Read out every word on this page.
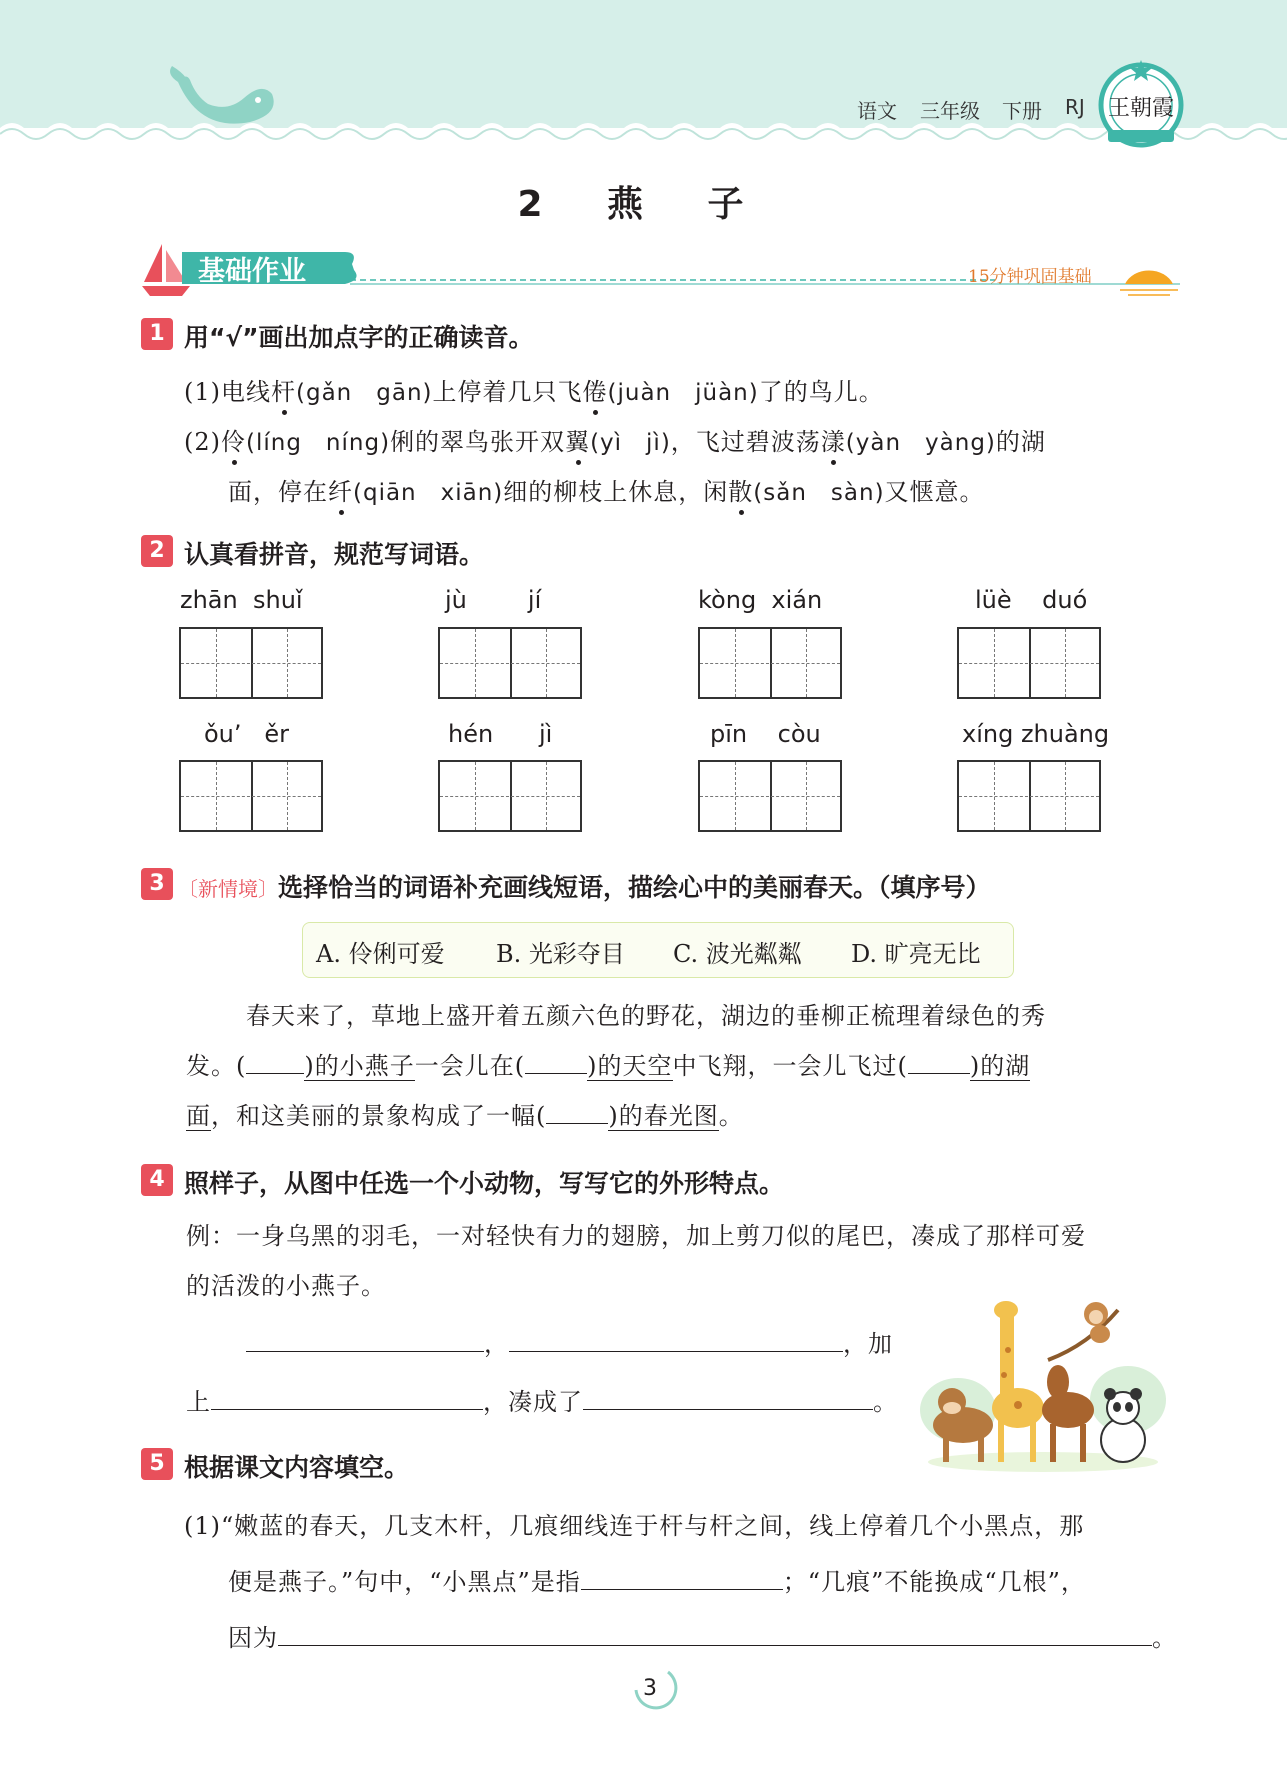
语文 三年级 下册 RJ 王朝霞
2 燕 子
基础作业	15分钟巩固基础
1 用“√”画出加点字的正确读音。
(1)电线杆(gǎn　gān)上停着几只飞倦(juàn　jüàn)了的鸟儿。
(2)伶(líng　níng)俐的翠鸟张开双翼(yì　jì)，飞过碧波荡漾(yàn　yàng)的湖
面，停在纤(qiān　xiān)细的柳枝上休息，闲散(sǎn　sàn)又惬意。
2 认真看拼音，规范写词语。
zhān  shuǐ	jù        jí	kòng  xián	lüè    duó
ǒu’   ěr	hén      jì	pīn    còu	xíng zhuàng
3 〔新情境〕选择恰当的词语补充画线短语，描绘心中的美丽春天。（填序号）
A. 伶俐可爱 B. 光彩夺目 C. 波光粼粼 D. 旷亮无比
春天来了，草地上盛开着五颜六色的野花，湖边的垂柳正梳理着绿色的秀
发。( )的小燕子一会儿在(	)的天空中飞翔，一会儿飞过(	)的湖
面，和这美丽的景象构成了一幅(	)的春光图。
4 照样子，从图中任选一个小动物，写写它的外形特点。
例：一身乌黑的羽毛，一对轻快有力的翅膀，加上剪刀似的尾巴，凑成了那样可爱
的活泼的小燕子。
，	，加
上	，凑成了	。
5 根据课文内容填空。
(1)“嫩蓝的春天，几支木杆，几痕细线连于杆与杆之间，线上停着几个小黑点，那
便是燕子。”句中，“小黑点”是指	；“几痕”不能换成“几根”，
因为	。
3
